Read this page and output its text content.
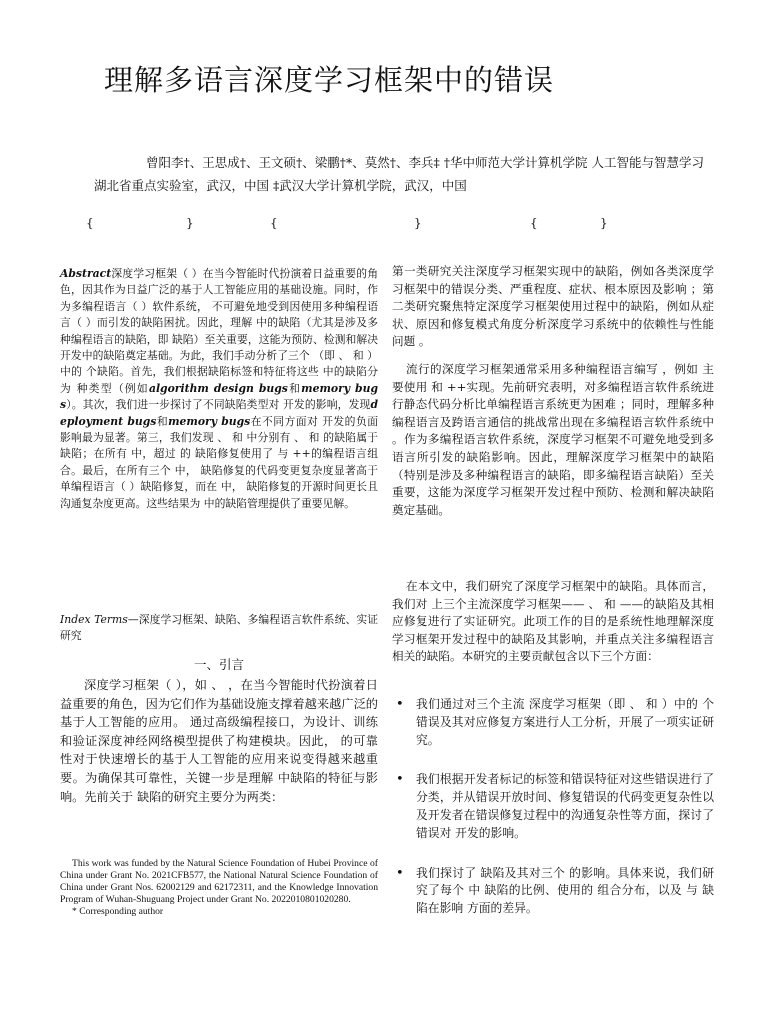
理解多语言深度学习框架中的错误
曾阳李†、王思成†、王文硕†、梁鹏†*、莫然†、李兵‡ †华中师范大学计算机学院 人工智能与智慧学习湖北省重点实验室，武汉，中国 ‡武汉大学计算机学院，武汉，中国
{	}	{	}	{	}

Abstract深度学习框架（ ）在当今智能时代扮演着日益重要的角色，因其作为日益广泛的基于人工智能应用的基础设施。同时，作为多编程语言（ ）软件系统， 不可避免地受到因使用多种编程语言（ ）而引发的缺陷困扰。因此，理解 中的缺陷（尤其是涉及多种编程语言的缺陷，即 缺陷）至关重要，这能为预防、检测和解决 开发中的缺陷奠定基础。为此，我们手动分析了三个 （即 、 和 ）中的 个缺陷。首先，我们根据缺陷标签和特征将这些 中的缺陷分为 种类型（例如algorithm design bugs和memory bugs）。其次，我们进一步探讨了不同缺陷类型对 开发的影响，发现deployment bugs和memory bugs在不同方面对 开发的负面影响最为显著。第三，我们发现 、 和 中分别有 、 和 的缺陷属于 缺陷；在所有 中，超过 的 缺陷修复使用了 与 ++的编程语言组合。最后，在所有三个 中， 缺陷修复的代码变更复杂度显著高于单编程语言（ ）缺陷修复，而在 中， 缺陷修复的开源时间更长且沟通复杂度更高。这些结果为 中的缺陷管理提供了重要见解。

Index Terms—深度学习框架、缺陷、多编程语言软件系统、实证研究

一、引言

深度学习框架（ ），如 、 ，在当今智能时代扮演着日益重要的角色，因为它们作为基础设施支撑着越来越广泛的基于人工智能的应用。 通过高级编程接口，为设计、训练和验证深度神经网络模型提供了构建模块。因此， 的可靠性对于快速增长的基于人工智能的应用来说变得越来越重要。为确保其可靠性，关键一步是理解 中缺陷的特征与影响。先前关于 缺陷的研究主要分为两类：

This work was funded by the Natural Science Foundation of Hubei Province of China under Grant No. 2021CFB577, the National Natural Science Foundation of China under Grant Nos. 62002129 and 62172311, and the Knowledge Innovation Program of Wuhan-Shuguang Project under Grant No. 2022010801020280.

* Corresponding author

第一类研究关注深度学习框架实现中的缺陷，例如各类深度学习框架中的错误分类、严重程度、症状、根本原因及影响 ；第二类研究聚焦特定深度学习框架使用过程中的缺陷，例如从症状、原因和修复模式角度分析深度学习系统中的依赖性与性能问题 。

流行的深度学习框架通常采用多种编程语言编写 ，例如 主要使用 和 ++实现。先前研究表明，对多编程语言软件系统进行静态代码分析比单编程语言系统更为困难 ；同时，理解多种编程语言及跨语言通信的挑战常出现在多编程语言软件系统中 。作为多编程语言软件系统，深度学习框架不可避免地受到多语言所引发的缺陷影响。因此，理解深度学习框架中的缺陷（特别是涉及多种编程语言的缺陷，即多编程语言缺陷）至关重要，这能为深度学习框架开发过程中预防、检测和解决缺陷奠定基础。

在本文中，我们研究了深度学习框架中的缺陷。具体而言，我们对 上三个主流深度学习框架—— 、 和 ——的缺陷及其相应修复进行了实证研究。此项工作的目的是系统性地理解深度学习框架开发过程中的缺陷及其影响，并重点关注多编程语言相关的缺陷。本研究的主要贡献包含以下三个方面：

• 我们通过对三个主流 深度学习框架（即 、 和 ）中的 个错误及其对应修复方案进行人工分析，开展了一项实证研究。
• 我们根据开发者标记的标签和错误特征对这些错误进行了分类，并从错误开放时间、修复错误的代码变更复杂性以及开发者在错误修复过程中的沟通复杂性等方面，探讨了错误对 开发的影响。
• 我们探讨了 缺陷及其对三个 的影响。具体来说，我们研究了每个 中 缺陷的比例、使用的 组合分布，以及 与 缺陷在影响 方面的差异。
